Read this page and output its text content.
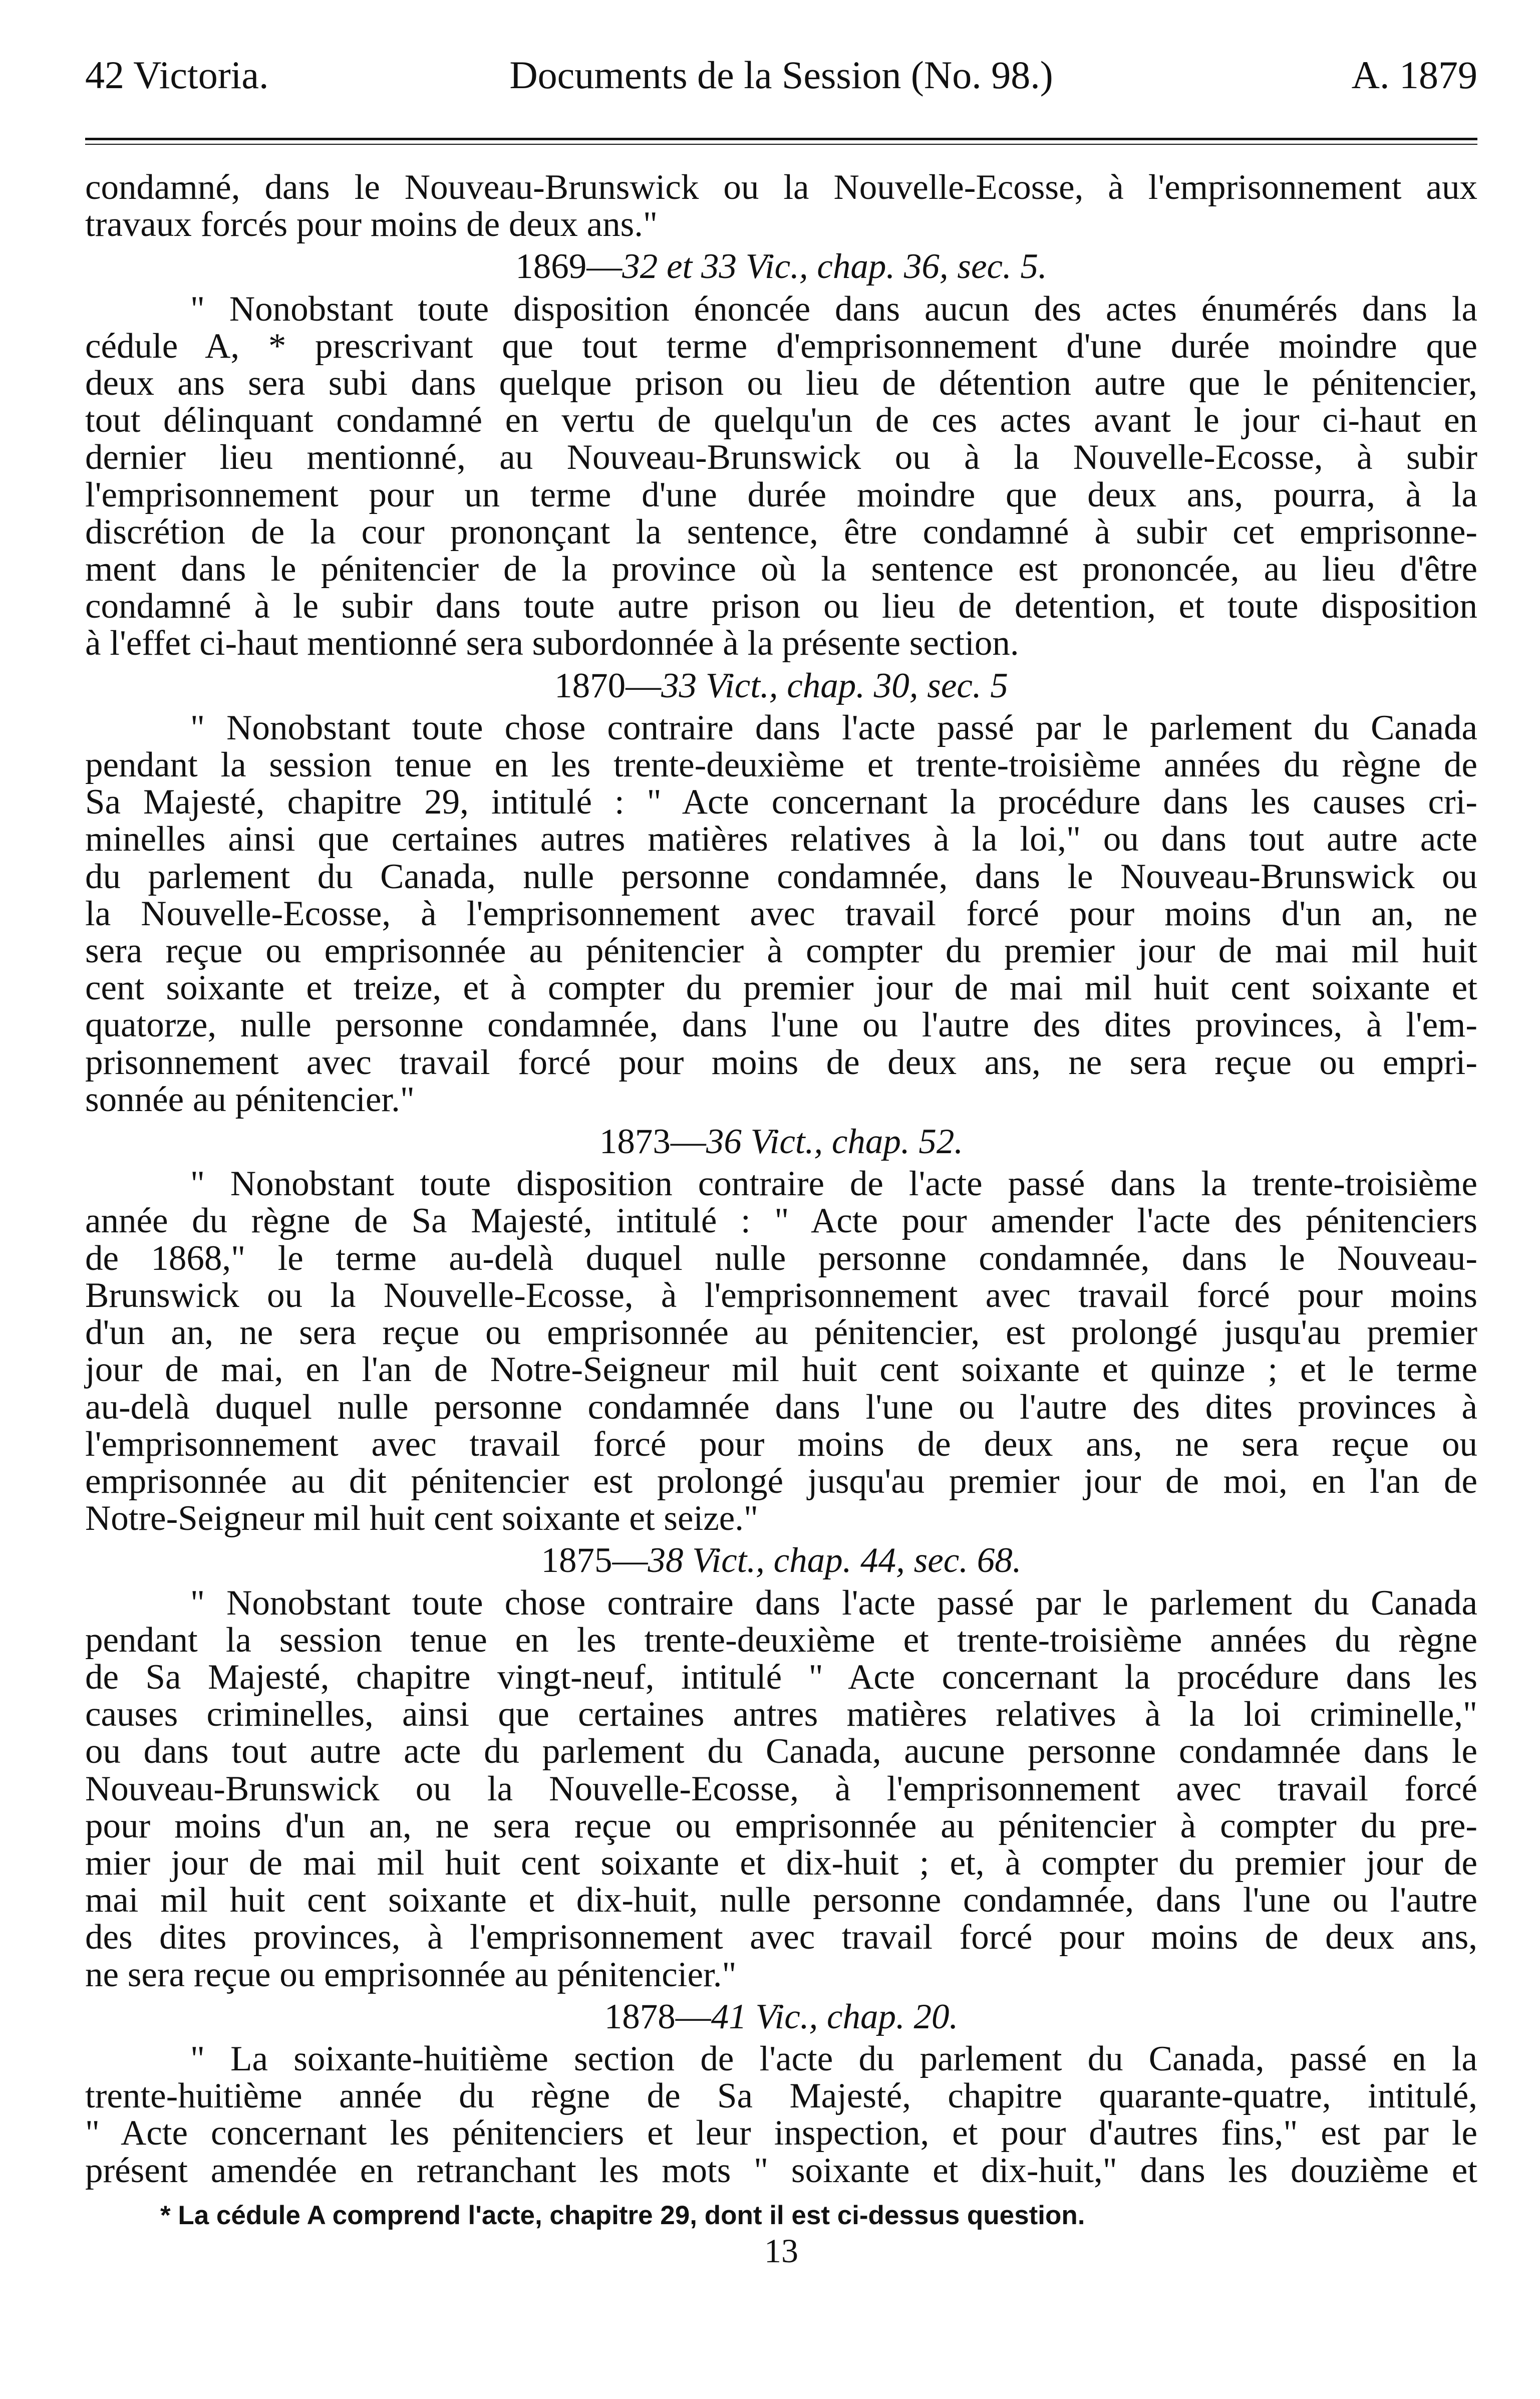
42 Victoria.	Documents de la Session (No. 98.)	A. 1879

condamné, dans le Nouveau-Brunswick ou la Nouvelle-Ecosse, à l'emprisonnement aux
travaux forcés pour moins de deux ans."

1869—32 et 33 Vic., chap. 36, sec. 5.

" Nonobstant toute disposition énoncée dans aucun des actes énumérés dans la
cédule A, * prescrivant que tout terme d'emprisonnement d'une durée moindre que
deux ans sera subi dans quelque prison ou lieu de détention autre que le pénitencier,
tout délinquant condamné en vertu de quelqu'un de ces actes avant le jour ci-haut en
dernier lieu mentionné, au Nouveau-Brunswick ou à la Nouvelle-Ecosse, à subir
l'emprisonnement pour un terme d'une durée moindre que deux ans, pourra, à la
discrétion de la cour prononçant la sentence, être condamné à subir cet emprisonne-
ment dans le pénitencier de la province où la sentence est prononcée, au lieu d'être
condamné à le subir dans toute autre prison ou lieu de detention, et toute disposition
à l'effet ci-haut mentionné sera subordonnée à la présente section.

1870—33 Vict., chap. 30, sec. 5

" Nonobstant toute chose contraire dans l'acte passé par le parlement du Canada
pendant la session tenue en les trente-deuxième et trente-troisième années du règne de
Sa Majesté, chapitre 29, intitulé : " Acte concernant la procédure dans les causes cri-
minelles ainsi que certaines autres matières relatives à la loi," ou dans tout autre acte
du parlement du Canada, nulle personne condamnée, dans le Nouveau-Brunswick ou
la Nouvelle-Ecosse, à l'emprisonnement avec travail forcé pour moins d'un an, ne
sera reçue ou emprisonnée au pénitencier à compter du premier jour de mai mil huit
cent soixante et treize, et à compter du premier jour de mai mil huit cent soixante et
quatorze, nulle personne condamnée, dans l'une ou l'autre des dites provinces, à l'em-
prisonnement avec travail forcé pour moins de deux ans, ne sera reçue ou empri-
sonnée au pénitencier."

1873—36 Vict., chap. 52.

" Nonobstant toute disposition contraire de l'acte passé dans la trente-troisième
année du règne de Sa Majesté, intitulé : " Acte pour amender l'acte des pénitenciers
de 1868," le terme au-delà duquel nulle personne condamnée, dans le Nouveau-
Brunswick ou la Nouvelle-Ecosse, à l'emprisonnement avec travail forcé pour moins
d'un an, ne sera reçue ou emprisonnée au pénitencier, est prolongé jusqu'au premier
jour de mai, en l'an de Notre-Seigneur mil huit cent soixante et quinze ; et le terme
au-delà duquel nulle personne condamnée dans l'une ou l'autre des dites provinces à
l'emprisonnement avec travail forcé pour moins de deux ans, ne sera reçue ou
emprisonnée au dit pénitencier est prolongé jusqu'au premier jour de moi, en l'an de
Notre-Seigneur mil huit cent soixante et seize."

1875—38 Vict., chap. 44, sec. 68.

" Nonobstant toute chose contraire dans l'acte passé par le parlement du Canada
pendant la session tenue en les trente-deuxième et trente-troisième années du règne
de Sa Majesté, chapitre vingt-neuf, intitulé " Acte concernant la procédure dans les
causes criminelles, ainsi que certaines antres matières relatives à la loi criminelle,"
ou dans tout autre acte du parlement du Canada, aucune personne condamnée dans le
Nouveau-Brunswick ou la Nouvelle-Ecosse, à l'emprisonnement avec travail forcé
pour moins d'un an, ne sera reçue ou emprisonnée au pénitencier à compter du pre-
mier jour de mai mil huit cent soixante et dix-huit ; et, à compter du premier jour de
mai mil huit cent soixante et dix-huit, nulle personne condamnée, dans l'une ou l'autre
des dites provinces, à l'emprisonnement avec travail forcé pour moins de deux ans,
ne sera reçue ou emprisonnée au pénitencier."

1878—41 Vic., chap. 20.

" La soixante-huitième section de l'acte du parlement du Canada, passé en la
trente-huitième année du règne de Sa Majesté, chapitre quarante-quatre, intitulé,
" Acte concernant les pénitenciers et leur inspection, et pour d'autres fins," est par le
présent amendée en retranchant les mots " soixante et dix-huit," dans les douzième et

* La cédule A comprend l'acte, chapitre 29, dont il est ci-dessus question.
13
